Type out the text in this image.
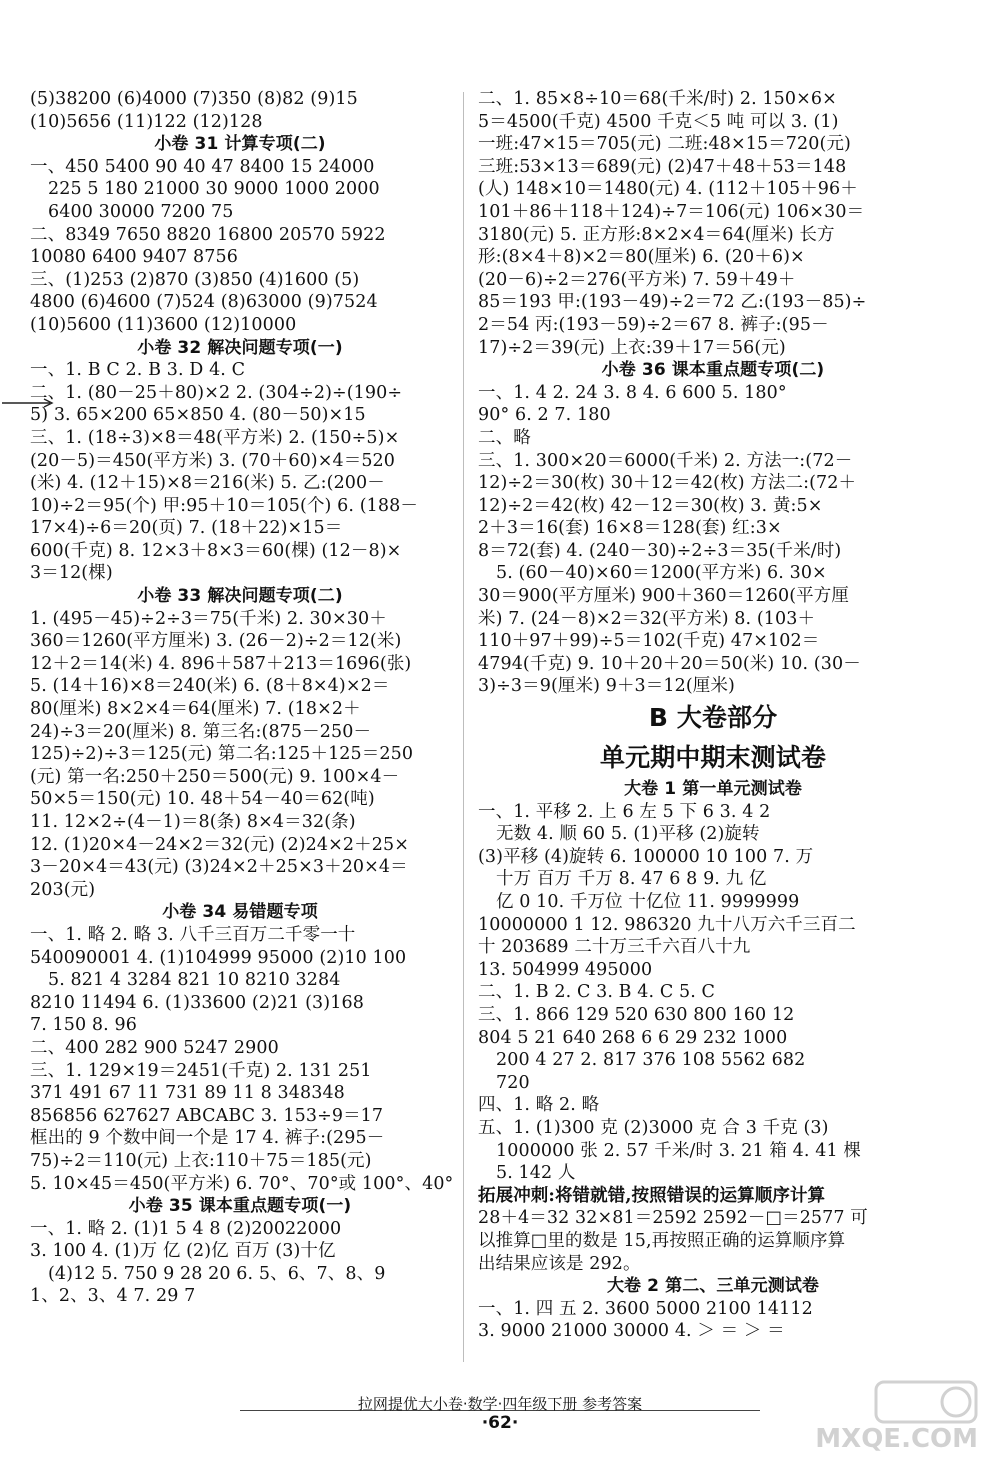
(5)38200 (6)4000 (7)350 (8)82 (9)15
(10)5656 (11)122 (12)128
小卷 31 计算专项(二)
一、450 5400 90 40 47 8400 15 24000
225 5 180 21000 30 9000 1000 2000
6400 30000 7200 75
二、8349 7650 8820 16800 20570 5922
10080 6400 9407 8756
三、(1)253 (2)870 (3)850 (4)1600 (5)
4800 (6)4600 (7)524 (8)63000 (9)7524
(10)5600 (11)3600 (12)10000
小卷 32 解决问题专项(一)
一、1. B C 2. B 3. D 4. C
二、1. (80－25＋80)×2 2. (304÷2)÷(190÷
5) 3. 65×200 65×850 4. (80－50)×15
三、1. (18÷3)×8＝48(平方米) 2. (150÷5)×
(20－5)＝450(平方米) 3. (70＋60)×4＝520
(米) 4. (12＋15)×8＝216(米) 5. 乙:(200－
10)÷2＝95(个) 甲:95＋10＝105(个) 6. (188－
17×4)÷6＝20(页) 7. (18＋22)×15＝
600(千克) 8. 12×3＋8×3＝60(棵) (12－8)×
3＝12(棵)
小卷 33 解决问题专项(二)
1. (495－45)÷2÷3＝75(千米) 2. 30×30＋
360＝1260(平方厘米) 3. (26－2)÷2＝12(米)
12＋2＝14(米) 4. 896＋587＋213＝1696(张)
5. (14＋16)×8＝240(米) 6. (8＋8×4)×2＝
80(厘米) 8×2×4＝64(厘米) 7. (18×2＋
24)÷3＝20(厘米) 8. 第三名:(875－250－
125)÷2)÷3＝125(元) 第二名:125＋125＝250
(元) 第一名:250＋250＝500(元) 9. 100×4－
50×5＝150(元) 10. 48＋54－40＝62(吨)
11. 12×2÷(4－1)＝8(条) 8×4＝32(条)
12. (1)20×4－24×2＝32(元) (2)24×2＋25×
3－20×4＝43(元) (3)24×2＋25×3＋20×4＝
203(元)
小卷 34 易错题专项
一、1. 略 2. 略 3. 八千三百万二千零一十
540090001 4. (1)104999 95000 (2)10 100
5. 821 4 3284 821 10 8210 3284
8210 11494 6. (1)33600 (2)21 (3)168
7. 150 8. 96
二、400 282 900 5247 2900
三、1. 129×19＝2451(千克) 2. 131 251
371 491 67 11 731 89 11 8 348348
856856 627627 ABCABC 3. 153÷9＝17
框出的 9 个数中间一个是 17 4. 裤子:(295－
75)÷2＝110(元) 上衣:110＋75＝185(元)
5. 10×45＝450(平方米) 6. 70°、70°或 100°、40°
小卷 35 课本重点题专项(一)
一、1. 略 2. (1)1 5 4 8 (2)20022000
3. 100 4. (1)万 亿 (2)亿 百万 (3)十亿
(4)12 5. 750 9 28 20 6. 5、6、7、8、9
1、2、3、4 7. 29 7
二、1. 85×8÷10＝68(千米/时) 2. 150×6×
5＝4500(千克) 4500 千克＜5 吨 可以 3. (1)
一班:47×15＝705(元) 二班:48×15＝720(元)
三班:53×13＝689(元) (2)47＋48＋53＝148
(人) 148×10＝1480(元) 4. (112＋105＋96＋
101＋86＋118＋124)÷7＝106(元) 106×30＝
3180(元) 5. 正方形:8×2×4＝64(厘米) 长方
形:(8×4＋8)×2＝80(厘米) 6. (20＋6)×
(20－6)÷2＝276(平方米) 7. 59＋49＋
85＝193 甲:(193－49)÷2＝72 乙:(193－85)÷
2＝54 丙:(193－59)÷2＝67 8. 裤子:(95－
17)÷2＝39(元) 上衣:39＋17＝56(元)
小卷 36 课本重点题专项(二)
一、1. 4 2. 24 3. 8 4. 6 600 5. 180°
90° 6. 2 7. 180
二、略
三、1. 300×20＝6000(千米) 2. 方法一:(72－
12)÷2＝30(枚) 30＋12＝42(枚) 方法二:(72＋
12)÷2＝42(枚) 42－12＝30(枚) 3. 黄:5×
2＋3＝16(套) 16×8＝128(套) 红:3×
8＝72(套) 4. (240－30)÷2÷3＝35(千米/时)
5. (60－40)×60＝1200(平方米) 6. 30×
30＝900(平方厘米) 900＋360＝1260(平方厘
米) 7. (24－8)×2＝32(平方米) 8. (103＋
110＋97＋99)÷5＝102(千克) 47×102＝
4794(千克) 9. 10＋20＋20＝50(米) 10. (30－
3)÷3＝9(厘米) 9＋3＝12(厘米)
B 大卷部分
单元期中期末测试卷
大卷 1 第一单元测试卷
一、1. 平移 2. 上 6 左 5 下 6 3. 4 2
无数 4. 顺 60 5. (1)平移 (2)旋转
(3)平移 (4)旋转 6. 100000 10 100 7. 万
十万 百万 千万 8. 47 6 8 9. 九 亿
亿 0 10. 千万位 十亿位 11. 9999999
10000000 1 12. 986320 九十八万六千三百二
十 203689 二十万三千六百八十九
13. 504999 495000
二、1. B 2. C 3. B 4. C 5. C
三、1. 866 129 520 630 800 160 12
804 5 21 640 268 6 6 29 232 1000
200 4 27 2. 817 376 108 5562 682
720
四、1. 略 2. 略
五、1. (1)300 克 (2)3000 克 合 3 千克 (3)
1000000 张 2. 57 千米/时 3. 21 箱 4. 41 棵
5. 142 人
拓展冲刺:将错就错,按照错误的运算顺序计算
28＋4＝32 32×81＝2592 2592－□＝2577 可
以推算□里的数是 15,再按照正确的运算顺序算
出结果应该是 292。
大卷 2 第二、三单元测试卷
一、1. 四 五 2. 3600 5000 2100 14112
3. 9000 21000 30000 4. ＞ ＝ ＞ ＝
拉网提优大小卷·数学·四年级下册 参考答案
·62·
MXQE.COM
